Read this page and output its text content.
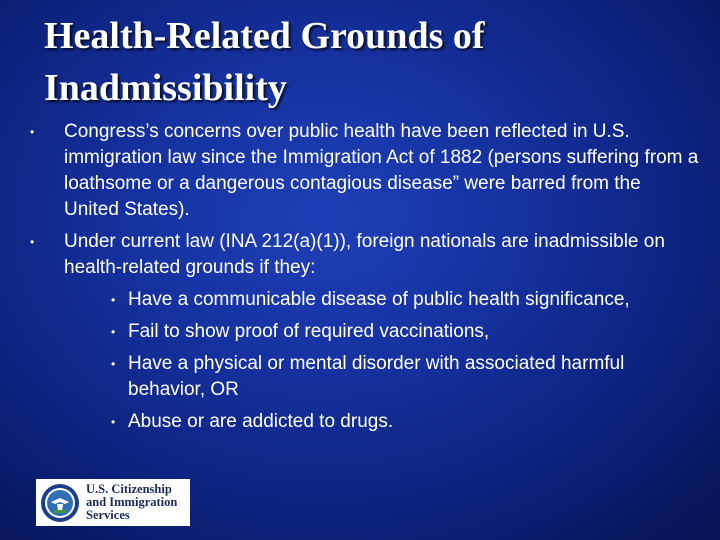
Health-Related Grounds of
Inadmissibility
• Congress’s concerns over public health have been reflected in U.S. immigration law since the Immigration Act of 1882 (persons suffering from a loathsome or a dangerous contagious disease” were barred from the United States).
• Under current law (INA 212(a)(1)), foreign nationals are inadmissible on health-related grounds if they:
• Have a communicable disease of public health significance,
• Fail to show proof of required vaccinations,
• Have a physical or mental disorder with associated harmful behavior, OR
• Abuse or are addicted to drugs.
U.S. Citizenship
and Immigration
Services
